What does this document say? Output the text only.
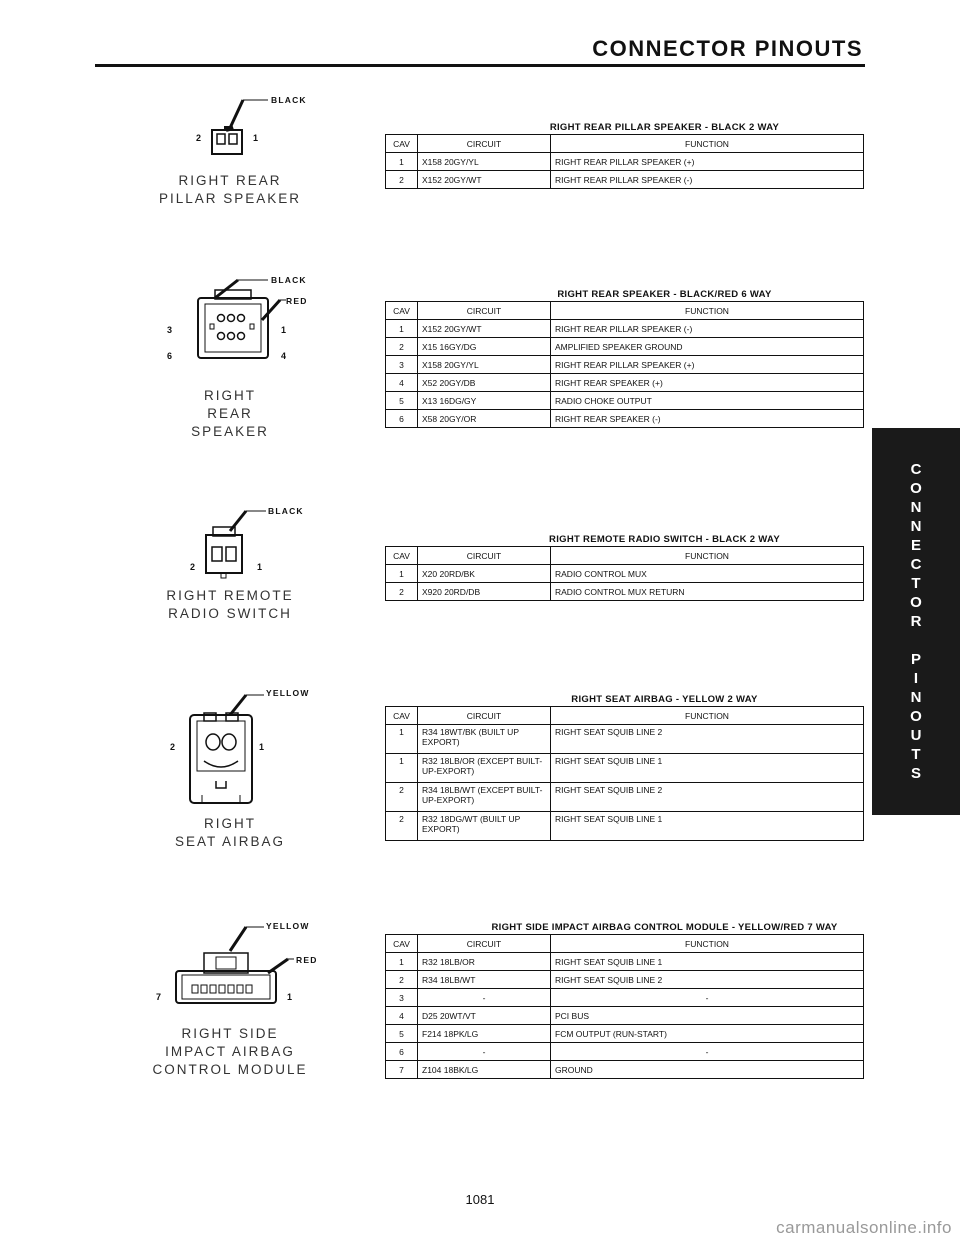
CONNECTOR PINOUTS
C
O
N
N
E
C
T
O
R

P
I
N
O
U
T
S
BLACK
2	1
RIGHT REAR
PILLAR SPEAKER
RIGHT REAR PILLAR SPEAKER - BLACK 2 WAY
CAV	CIRCUIT	FUNCTION
1	X158 20GY/YL	RIGHT REAR PILLAR SPEAKER (+)
2	X152 20GY/WT	RIGHT REAR PILLAR SPEAKER (-)
BLACK
RED
3	1
6	4
RIGHT
REAR
SPEAKER
RIGHT REAR SPEAKER - BLACK/RED 6 WAY
CAV	CIRCUIT	FUNCTION
1	X152 20GY/WT	RIGHT REAR PILLAR SPEAKER (-)
2	X15 16GY/DG	AMPLIFIED SPEAKER GROUND
3	X158 20GY/YL	RIGHT REAR PILLAR SPEAKER (+)
4	X52 20GY/DB	RIGHT REAR SPEAKER (+)
5	X13 16DG/GY	RADIO CHOKE OUTPUT
6	X58 20GY/OR	RIGHT REAR SPEAKER (-)
BLACK
2	1
RIGHT REMOTE
RADIO SWITCH
RIGHT REMOTE RADIO SWITCH - BLACK 2 WAY
CAV	CIRCUIT	FUNCTION
1	X20 20RD/BK	RADIO CONTROL MUX
2	X920 20RD/DB	RADIO CONTROL MUX RETURN
YELLOW
2	1
RIGHT
SEAT AIRBAG
RIGHT SEAT AIRBAG - YELLOW 2 WAY
CAV	CIRCUIT	FUNCTION
1	R34 18WT/BK (BUILT UP EXPORT)	RIGHT SEAT SQUIB LINE 2
1	R32 18LB/OR (EXCEPT BUILT-UP-EXPORT)	RIGHT SEAT SQUIB LINE 1
2	R34 18LB/WT (EXCEPT BUILT-UP-EXPORT)	RIGHT SEAT SQUIB LINE 2
2	R32 18DG/WT (BUILT UP EXPORT)	RIGHT SEAT SQUIB LINE 1
YELLOW
RED
7	1
RIGHT SIDE
IMPACT AIRBAG
CONTROL MODULE
RIGHT SIDE IMPACT AIRBAG CONTROL MODULE - YELLOW/RED 7 WAY
CAV	CIRCUIT	FUNCTION
1	R32 18LB/OR	RIGHT SEAT SQUIB LINE 1
2	R34 18LB/WT	RIGHT SEAT SQUIB LINE 2
3	-	-
4	D25 20WT/VT	PCI BUS
5	F214 18PK/LG	FCM OUTPUT (RUN-START)
6	-	-
7	Z104 18BK/LG	GROUND
1081
carmanualsonline.info
